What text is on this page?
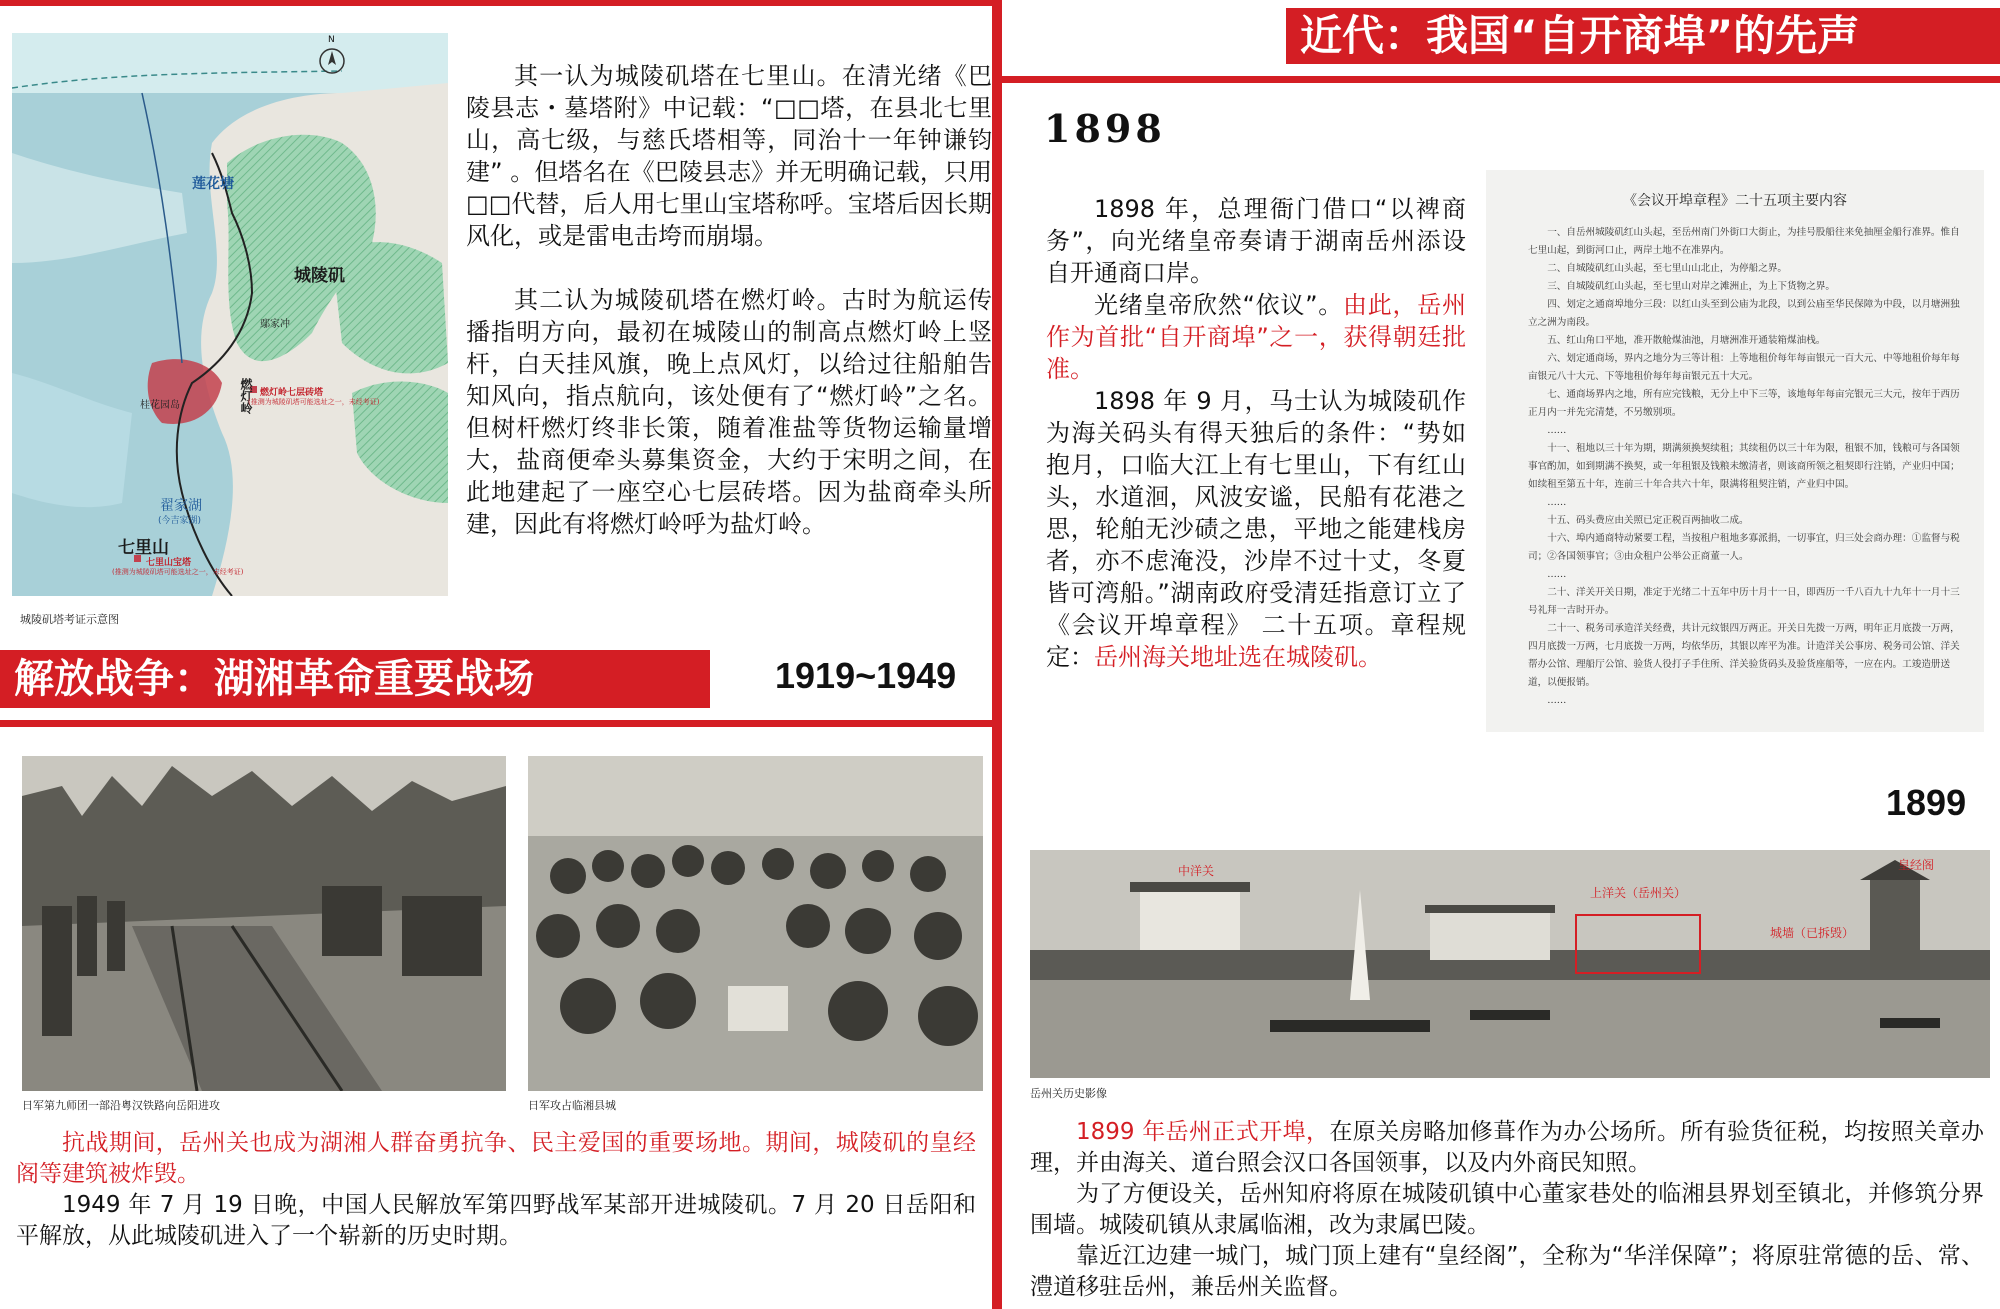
N
莲花塘
城陵矶
鄢家冲
桂花园岛	燃灯岭 燃灯岭七层砖塔
(推测为城陵矶塔可能选址之一，未经考证)
翟家湖
(今吉家湖)
七里山
七里山宝塔
(推测为城陵矶塔可能选址之一，未经考证)
城陵矶塔考证示意图

其一认为城陵矶塔在七里山。在清光绪《巴陵县志・墓塔附》中记载：“□□塔，在县北七里山，高七级，与慈氏塔相等，同治十一年钟谦钧建” 。但塔名在《巴陵县志》并无明确记载，只用□□代替，后人用七里山宝塔称呼。宝塔后因长期风化，或是雷电击垮而崩塌。

其二认为城陵矶塔在燃灯岭。古时为航运传播指明方向，最初在城陵山的制高点燃灯岭上竖杆，白天挂风旗，晚上点风灯，以给过往船舶告知风向，指点航向，该处便有了“燃灯岭”之名。但树杆燃灯终非长策，随着准盐等货物运输量增大，盐商便牵头募集资金，大约于宋明之间，在此地建起了一座空心七层砖塔。因为盐商牵头所建，因此有将燃灯岭呼为盐灯岭。

解放战争：湖湘革命重要战场	1919~1949
日军第九师团一部沿粤汉铁路向岳阳进攻	日军攻占临湘县城

抗战期间，岳州关也成为湖湘人群奋勇抗争、民主爱国的重要场地。期间，城陵矶的皇经阁等建筑被炸毁。

1949 年 7 月 19 日晚，中国人民解放军第四野战军某部开进城陵矶。7 月 20 日岳阳和平解放，从此城陵矶进入了一个崭新的历史时期。

近代：我国“自开商埠”的先声
1898

1898 年，总理衙门借口“以裨商务”，向光绪皇帝奏请于湖南岳州添设自开通商口岸。

光绪皇帝欣然“依议”。由此，岳州作为首批“自开商埠”之一，获得朝廷批准。

1898 年 9 月，马士认为城陵矶作为海关码头有得天独后的条件：“势如抱月，口临大江上有七里山，下有红山头，水道洄，风波安谧，民船有花港之思，轮舶无沙碛之患，平地之能建栈房者，亦不虑淹没，沙岸不过十丈，冬夏皆可湾船。”湖南政府受清廷指意订立了《会议开埠章程》 二十五项。章程规定：岳州海关地址选在城陵矶。

《会议开埠章程》二十五项主要内容
一、自岳州城陵矶红山头起，至岳州南门外街口大街止，为挂号股船往来免抽厘金船行准界。惟自七里山起，到街河口止，两岸土地不在准界内。
二、自城陵矶红山头起，至七里山山北止，为停船之界。
三、自城陵矶红山头起，至七里山对岸之滩洲止，为上下货物之界。
四、划定之通商埠地分三段：以红山头至到公庙为北段，以到公庙至华民保障为中段，以月塘洲独立之洲为南段。
五、红山角口平地，准开散舱煤油池，月塘洲准开通装箱煤油栈。
六、划定通商场，界内之地分为三等计租：上等地租价每年每亩银元一百大元、中等地租价每年每亩银元八十大元、下等地租价每年每亩银元五十大元。
七、通商场界内之地，所有应完钱粮，无分上中下三等，该地每年每亩完银元三大元，按年于西历正月内一并先完清楚，不另缴别项。
……
十一、租地以三十年为期，期满须换契续租；其续租仍以三十年为限，租银不加，钱粮可与各国领事官酌加，如到期满不换契，或一年租银及钱粮未缴清者，则该商所领之租契即行注销，产业归中国；如续租至第五十年，连前三十年合共六十年，限满将租契注销，产业归中国。
……
十五、码头费应由关照已定正税百两抽收二成。
十六、埠内通商特动紧要工程，当按租户租地多寡派捐，一切事宜，归三处会商办理：①监督与税司；②各国领事官；③由众租户公举公正商董一人。
……
二十、洋关开关日期，准定于光绪二十五年中历十月十一日，即西历一千八百九十九年十一月十三号礼拜一吉时开办。
二十一、税务司承造洋关经费，共计元纹银四万两正。开关日先拨一万两，明年正月底拨一万两，四月底拨一万两，七月底拨一万两，均依华历，其银以库平为准。计造洋关公事房、税务司公馆、洋关帮办公馆、理船厅公馆、验货人役打子手住所、洋关验货码头及验货座船等，一应在内。工竣造册送道，以便报销。
……
1899
中洋关
上洋关（岳州关）
皇经阁
城墙（已拆毁）
岳州关历史影像

1899 年岳州正式开埠，在原关房略加修葺作为办公场所。所有验货征税，均按照关章办理，并由海关、道台照会汉口各国领事，以及内外商民知照。

为了方便设关，岳州知府将原在城陵矶镇中心董家巷处的临湘县界划至镇北，并修筑分界围墙。城陵矶镇从隶属临湘，改为隶属巴陵。

靠近江边建一城门，城门顶上建有“皇经阁”，全称为“华洋保障”；将原驻常德的岳、常、澧道移驻岳州，兼岳州关监督。
